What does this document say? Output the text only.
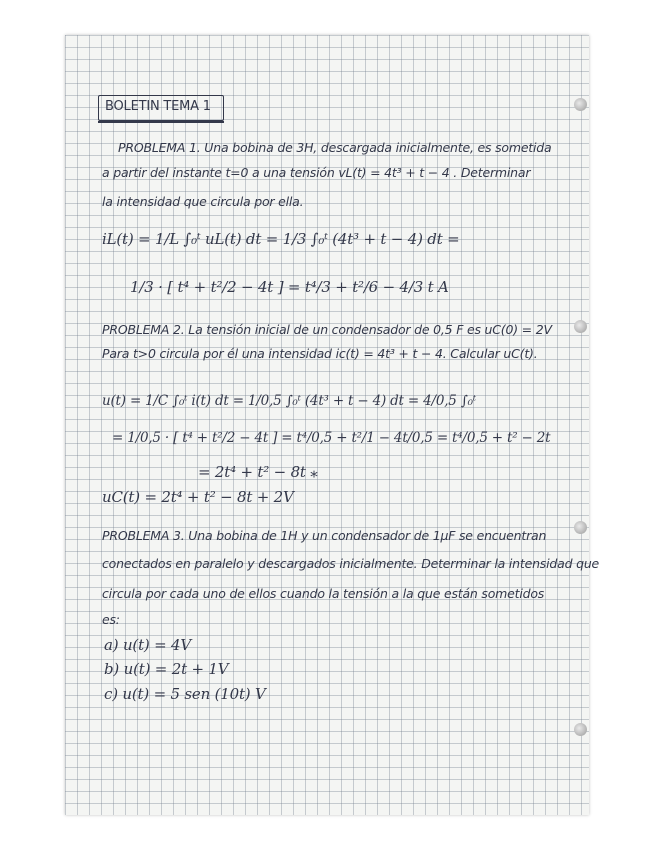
BOLETIN TEMA 1
PROBLEMA 1. Una bobina de 3H, descargada inicialmente, es sometida
a partir del instante t=0 a una tensión vL(t) = 4t³ + t − 4 . Determinar
la intensidad que circula por ella.
iL(t) = 1/L ∫₀ᵗ uL(t) dt = 1/3 ∫₀ᵗ (4t³ + t − 4) dt =
1/3 · [ t⁴ + t²/2 − 4t ] = t⁴/3 + t²/6 − 4/3 t A
PROBLEMA 2. La tensión inicial de un condensador de 0,5 F es uC(0) = 2V
Para t>0 circula por él una intensidad ic(t) = 4t³ + t − 4. Calcular uC(t).
u(t) = 1/C ∫₀ᵗ i(t) dt = 1/0,5 ∫₀ᵗ (4t³ + t − 4) dt = 4/0,5 ∫₀ᵗ
= 1/0,5 · [ t⁴ + t²/2 − 4t ] = t⁴/0,5 + t²/1 − 4t/0,5 = t⁴/0,5 + t² − 2t
= 2t⁴ + t² − 8t ⁎
uC(t) = 2t⁴ + t² − 8t + 2V
PROBLEMA 3. Una bobina de 1H y un condensador de 1μF se encuentran
conectados en paralelo y descargados inicialmente. Determinar la intensidad que
circula por cada uno de ellos cuando la tensión a la que están sometidos
es:
a) u(t) = 4V
b) u(t) = 2t + 1V
c) u(t) = 5 sen (10t) V
